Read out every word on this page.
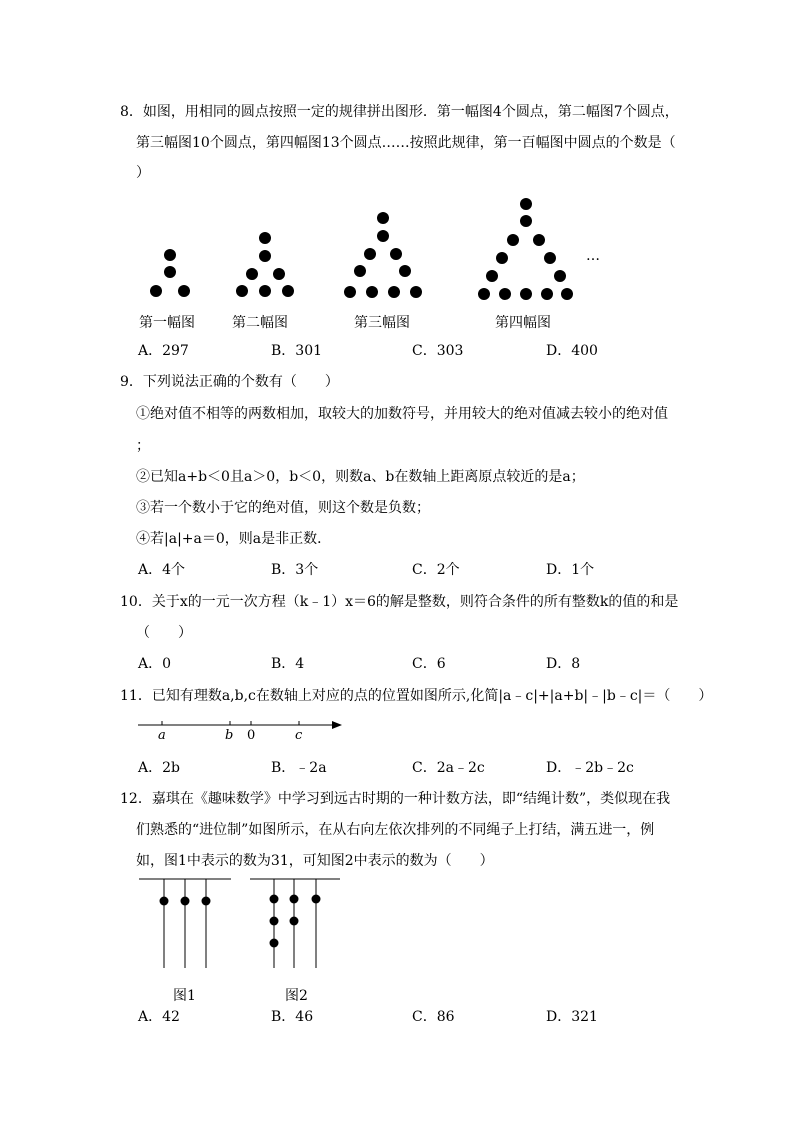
8．如图，用相同的圆点按照一定的规律拼出图形．第一幅图4个圆点，第二幅图7个圆点，
第三幅图10个圆点，第四幅图13个圆点……按照此规律，第一百幅图中圆点的个数是（
）
…
第一幅图	第二幅图	第三幅图	第四幅图
A．297	B．301	C．303	D．400
9．下列说法正确的个数有（　　）
①绝对值不相等的两数相加，取较大的加数符号，并用较大的绝对值减去较小的绝对值
；
②已知a+b＜0且a＞0，b＜0，则数a、b在数轴上距离原点较近的是a；
③若一个数小于它的绝对值，则这个数是负数；
④若|a|+a＝0，则a是非正数．
A．4个	B．3个	C．2个	D．1个
10．关于x的一元一次方程（k﹣1）x＝6的解是整数，则符合条件的所有整数k的值的和是
（　　）
A．0	B．4	C．6	D．8
11．已知有理数a,b,c在数轴上对应的点的位置如图所示,化简|a﹣c|+|a+b|﹣|b﹣c|＝（　　）
a	b 0	c
A．2b	B．﹣2a	C．2a﹣2c	D．﹣2b﹣2c
12．嘉琪在《趣味数学》中学习到远古时期的一种计数方法，即“结绳计数”，类似现在我
们熟悉的“进位制”如图所示，在从右向左依次排列的不同绳子上打结，满五进一，例
如，图1中表示的数为31，可知图2中表示的数为（　　）
图1	图2
A．42	B．46	C．86	D．321
